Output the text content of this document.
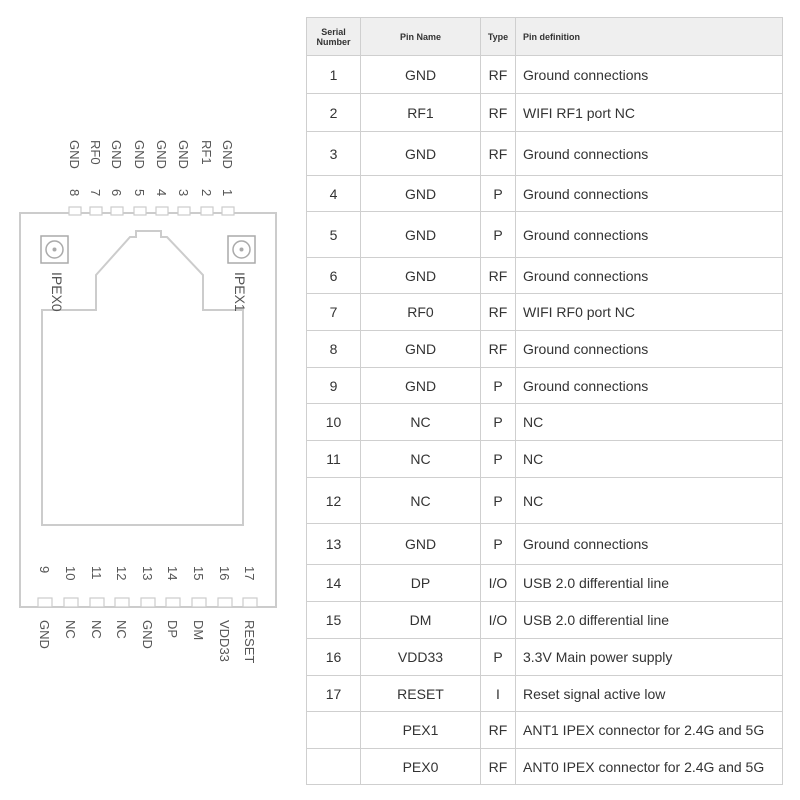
IPEX0	IPEX1
1
GND
2
RF1
3
GND
4
GND
5
GND
6
GND
7
RF0
8
GND
9
GND
10
NC
11
NC
12
NC
13
GND
14
DP
15
DM
16
VDD33
17
RESET
Serial Number	Pin Name	Type	Pin definition
1	GND	RF	Ground connections
2	RF1	RF	WIFI RF1 port NC
3	GND	RF	Ground connections
4	GND	P	Ground connections
5	GND	P	Ground connections
6	GND	RF	Ground connections
7	RF0	RF	WIFI RF0 port NC
8	GND	RF	Ground connections
9	GND	P	Ground connections
10	NC	P	NC
11	NC	P	NC
12	NC	P	NC
13	GND	P	Ground connections
14	DP	I/O	USB 2.0 differential line
15	DM	I/O	USB 2.0 differential line
16	VDD33	P	3.3V Main power supply
17	RESET	I	Reset signal active low
	PEX1	RF	ANT1 IPEX connector for 2.4G and 5G
	PEX0	RF	ANT0 IPEX connector for 2.4G and 5G
